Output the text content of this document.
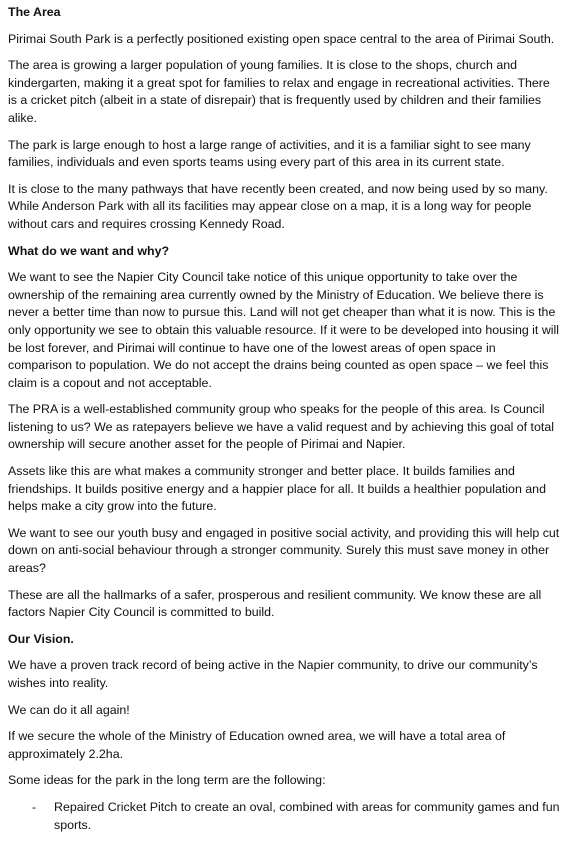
The Area

Pirimai South Park is a perfectly positioned existing open space central to the area of Pirimai South.

The area is growing a larger population of young families. It is close to the shops, church and kindergarten, making it a great spot for families to relax and engage in recreational activities. There is a cricket pitch (albeit in a state of disrepair) that is frequently used by children and their families alike.

The park is large enough to host a large range of activities, and it is a familiar sight to see many families, individuals and even sports teams using every part of this area in its current state.

It is close to the many pathways that have recently been created, and now being used by so many. While Anderson Park with all its facilities may appear close on a map, it is a long way for people without cars and requires crossing Kennedy Road.

What do we want and why?

We want to see the Napier City Council take notice of this unique opportunity to take over the ownership of the remaining area currently owned by the Ministry of Education. We believe there is never a better time than now to pursue this. Land will not get cheaper than what it is now. This is the only opportunity we see to obtain this valuable resource. If it were to be developed into housing it will be lost forever, and Pirimai will continue to have one of the lowest areas of open space in comparison to population. We do not accept the drains being counted as open space – we feel this claim is a copout and not acceptable.

The PRA is a well-established community group who speaks for the people of this area. Is Council listening to us? We as ratepayers believe we have a valid request and by achieving this goal of total ownership will secure another asset for the people of Pirimai and Napier.

Assets like this are what makes a community stronger and better place. It builds families and friendships. It builds positive energy and a happier place for all. It builds a healthier population and helps make a city grow into the future.

We want to see our youth busy and engaged in positive social activity, and providing this will help cut down on anti-social behaviour through a stronger community. Surely this must save money in other areas?

These are all the hallmarks of a safer, prosperous and resilient community. We know these are all factors Napier City Council is committed to build.

Our Vision.

We have a proven track record of being active in the Napier community, to drive our community’s wishes into reality.

We can do it all again!

If we secure the whole of the Ministry of Education owned area, we will have a total area of approximately 2.2ha.

Some ideas for the park in the long term are the following:

- Repaired Cricket Pitch to create an oval, combined with areas for community games and fun sports.
